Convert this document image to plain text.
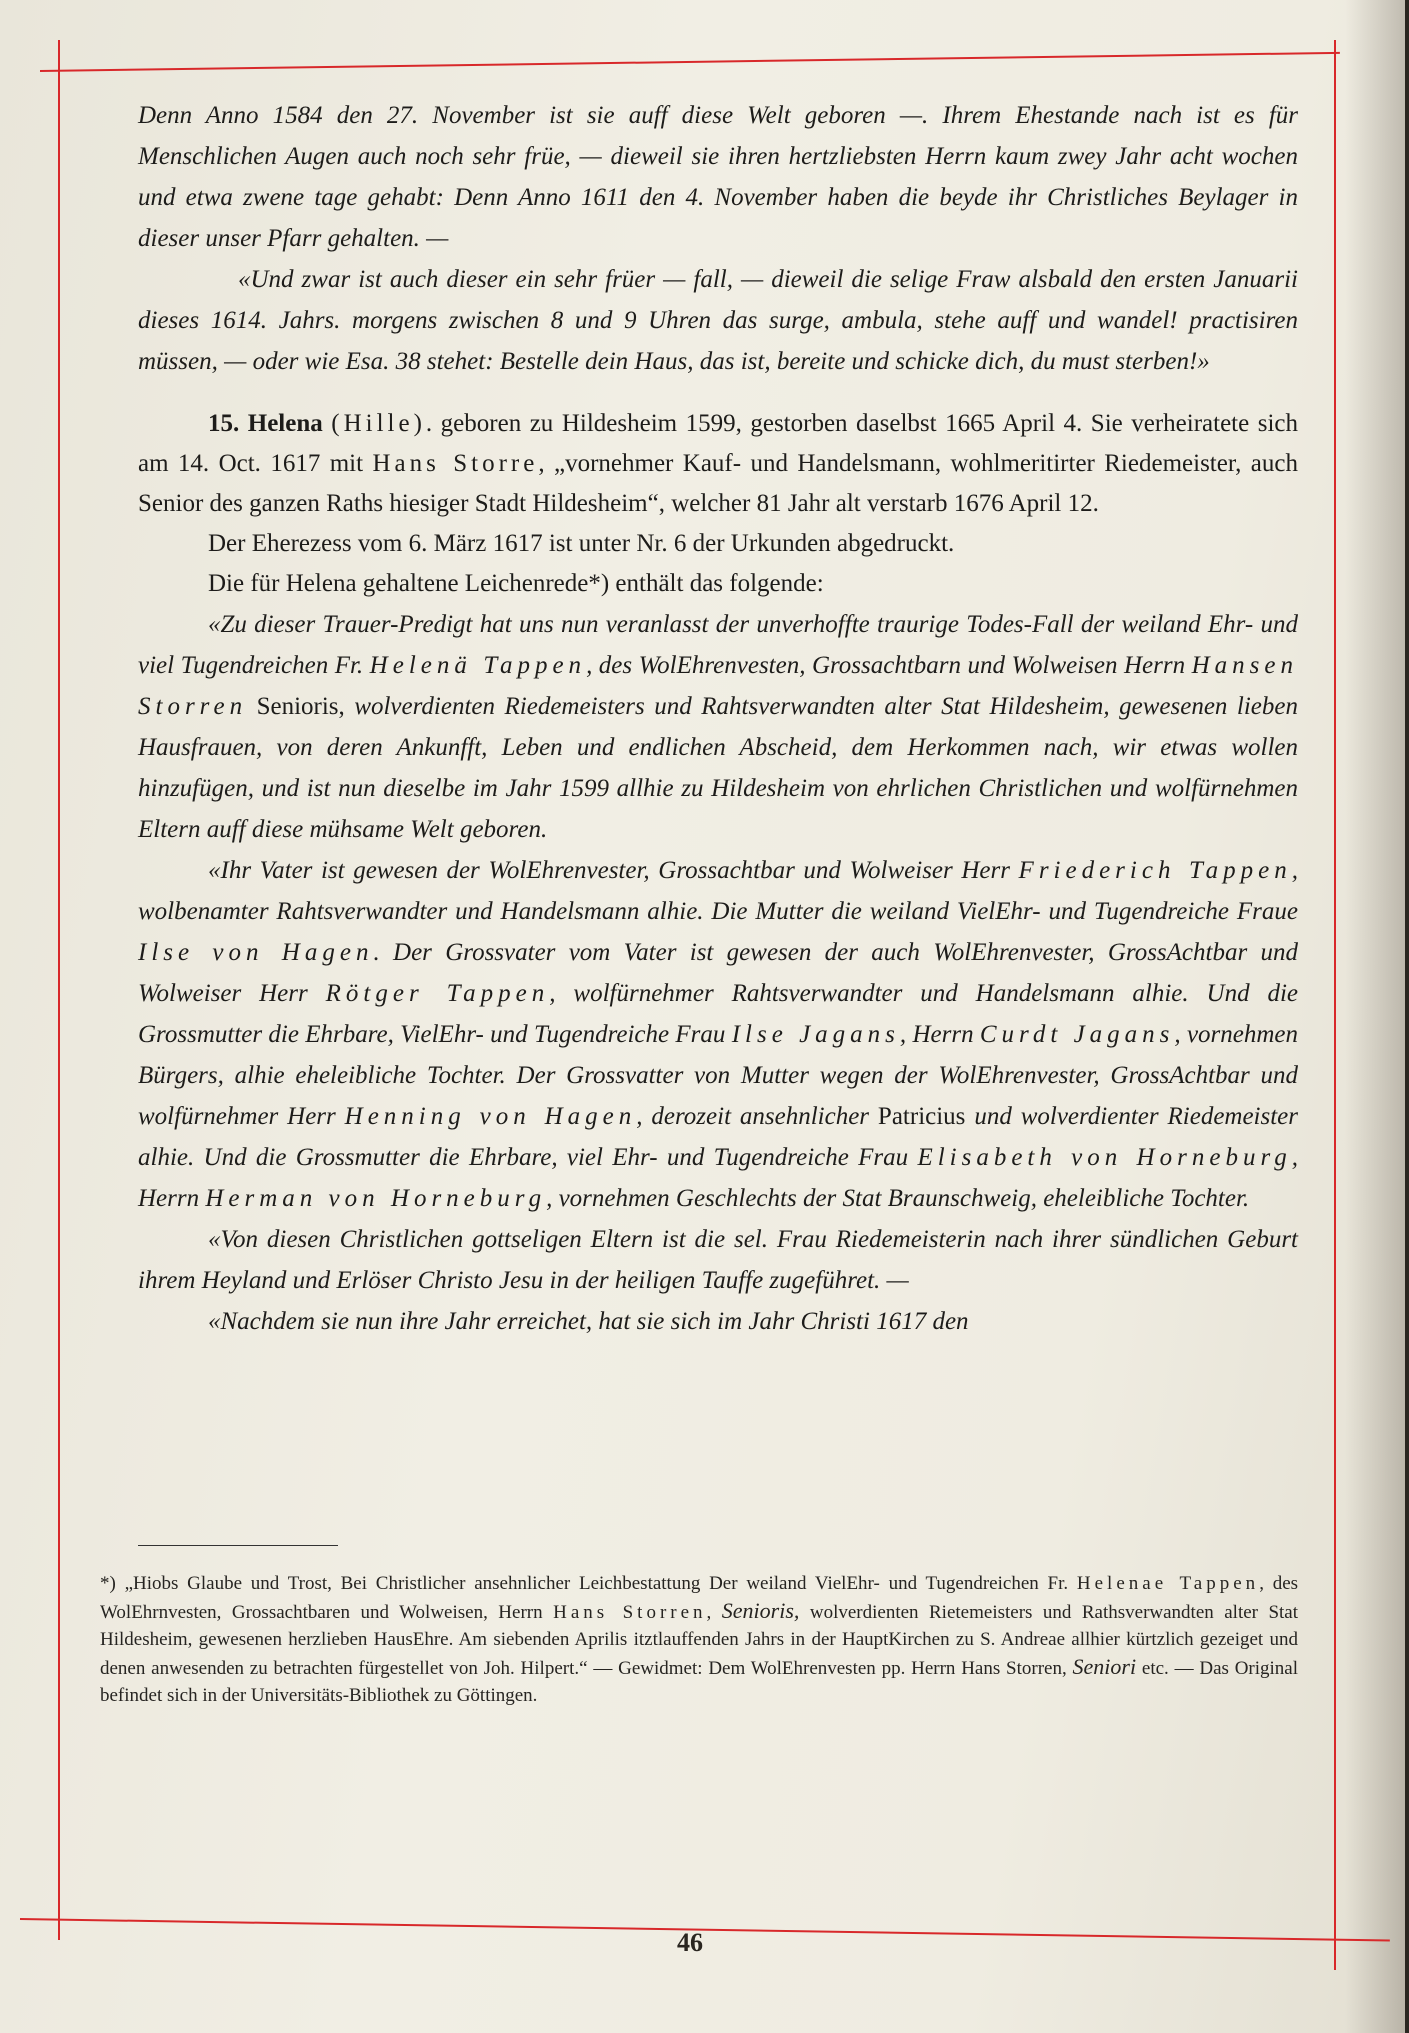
Denn Anno 1584 den 27. November ist sie auff diese Welt geboren —. Ihrem Ehestande nach ist es für Menschlichen Augen auch noch sehr früe, — dieweil sie ihren hertzliebsten Herrn kaum zwey Jahr acht wochen und etwa zwene tage gehabt: Denn Anno 1611 den 4. November haben die beyde ihr Christliches Beylager in dieser unser Pfarr gehalten. —

«Und zwar ist auch dieser ein sehr früer — fall, — dieweil die selige Fraw alsbald den ersten Januarii dieses 1614. Jahrs. morgens zwischen 8 und 9 Uhren das surge, ambula, stehe auff und wandel! practisiren müssen, — oder wie Esa. 38 stehet: Bestelle dein Haus, das ist, bereite und schicke dich, du must sterben!»

15. Helena (Hille). geboren zu Hildesheim 1599, gestorben daselbst 1665 April 4. Sie verheiratete sich am 14. Oct. 1617 mit Hans Storre, „vornehmer Kauf- und Handelsmann, wohlmeritirter Riedemeister, auch Senior des ganzen Raths hiesiger Stadt Hildesheim“, welcher 81 Jahr alt verstarb 1676 April 12.

Der Eherezess vom 6. März 1617 ist unter Nr. 6 der Urkunden abgedruckt.

Die für Helena gehaltene Leichenrede*) enthält das folgende:

«Zu dieser Trauer-Predigt hat uns nun veranlasst der unverhoffte traurige Todes-Fall der weiland Ehr- und viel Tugendreichen Fr. Helenä Tappen, des WolEhrenvesten, Grossachtbarn und Wolweisen Herrn Hansen Storren Senioris, wolverdienten Riedemeisters und Rahtsverwandten alter Stat Hildesheim, gewesenen lieben Hausfrauen, von deren Ankunfft, Leben und endlichen Abscheid, dem Herkommen nach, wir etwas wollen hinzufügen, und ist nun dieselbe im Jahr 1599 allhie zu Hildesheim von ehrlichen Christlichen und wolfürnehmen Eltern auff diese mühsame Welt geboren.

«Ihr Vater ist gewesen der WolEhrenvester, Grossachtbar und Wolweiser Herr Friederich Tappen, wolbenamter Rahtsverwandter und Handelsmann alhie. Die Mutter die weiland VielEhr- und Tugendreiche Fraue Ilse von Hagen. Der Grossvater vom Vater ist gewesen der auch WolEhrenvester, GrossAchtbar und Wolweiser Herr Rötger Tappen, wolfürnehmer Rahtsverwandter und Handelsmann alhie. Und die Grossmutter die Ehrbare, VielEhr- und Tugendreiche Frau Ilse Jagans, Herrn Curdt Jagans, vornehmen Bürgers, alhie eheleibliche Tochter. Der Grossvatter von Mutter wegen der WolEhrenvester, GrossAchtbar und wolfürnehmer Herr Henning von Hagen, derozeit ansehnlicher Patricius und wolverdienter Riedemeister alhie. Und die Grossmutter die Ehrbare, viel Ehr- und Tugendreiche Frau Elisabeth von Horneburg, Herrn Herman von Horneburg, vornehmen Geschlechts der Stat Braunschweig, eheleibliche Tochter.

«Von diesen Christlichen gottseligen Eltern ist die sel. Frau Riedemeisterin nach ihrer sündlichen Geburt ihrem Heyland und Erlöser Christo Jesu in der heiligen Tauffe zugeführet. —

«Nachdem sie nun ihre Jahr erreichet, hat sie sich im Jahr Christi 1617 den

*) „Hiobs Glaube und Trost, Bei Christlicher ansehnlicher Leichbestattung Der weiland VielEhr- und Tugendreichen Fr. Helenae Tappen, des WolEhrnvesten, Grossachtbaren und Wolweisen, Herrn Hans Storren, Senioris, wolverdienten Rietemeisters und Rathsverwandten alter Stat Hildesheim, gewesenen herzlieben HausEhre. Am siebenden Aprilis itztlauffenden Jahrs in der HauptKirchen zu S. Andreae allhier kürtzlich gezeiget und denen anwesenden zu betrachten fürgestellet von Joh. Hilpert.“ — Gewidmet: Dem WolEhrenvesten pp. Herrn Hans Storren, Seniori etc. — Das Original befindet sich in der Universitäts-Bibliothek zu Göttingen.
46
